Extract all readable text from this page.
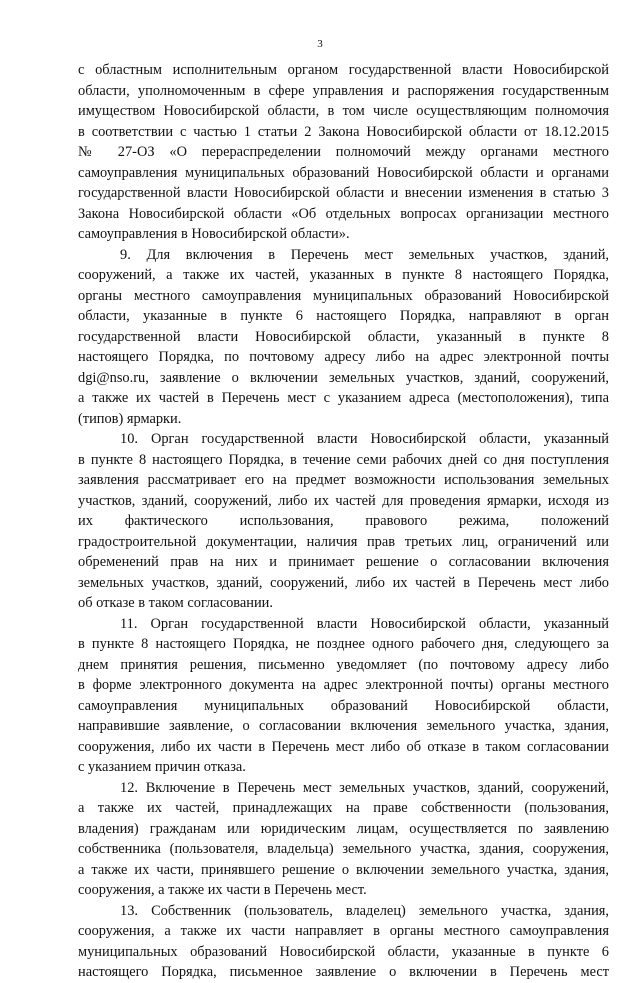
3
с областным исполнительным органом государственной власти Новосибирской
области, уполномоченным в сфере управления и распоряжения государственным
имуществом Новосибирской области, в том числе осуществляющим полномочия
в соответствии с частью 1 статьи 2 Закона Новосибирской области от 18.12.2015
№ 27-ОЗ «О перераспределении полномочий между органами местного
самоуправления муниципальных образований Новосибирской области и органами
государственной власти Новосибирской области и внесении изменения в статью 3
Закона Новосибирской области «Об отдельных вопросах организации местного
самоуправления в Новосибирской области».
9. Для включения в Перечень мест земельных участков, зданий,
сооружений, а также их частей, указанных в пункте 8 настоящего Порядка,
органы местного самоуправления муниципальных образований Новосибирской
области, указанные в пункте 6 настоящего Порядка, направляют в орган
государственной власти Новосибирской области, указанный в пункте 8
настоящего Порядка, по почтовому адресу либо на адрес электронной почты
dgi@nso.ru, заявление о включении земельных участков, зданий, сооружений,
а также их частей в Перечень мест с указанием адреса (местоположения), типа
(типов) ярмарки.
10. Орган государственной власти Новосибирской области, указанный
в пункте 8 настоящего Порядка, в течение семи рабочих дней со дня поступления
заявления рассматривает его на предмет возможности использования земельных
участков, зданий, сооружений, либо их частей для проведения ярмарки, исходя из
их фактического использования, правового режима, положений
градостроительной документации, наличия прав третьих лиц, ограничений или
обременений прав на них и принимает решение о согласовании включения
земельных участков, зданий, сооружений, либо их частей в Перечень мест либо
об отказе в таком согласовании.
11. Орган государственной власти Новосибирской области, указанный
в пункте 8 настоящего Порядка, не позднее одного рабочего дня, следующего за
днем принятия решения, письменно уведомляет (по почтовому адресу либо
в форме электронного документа на адрес электронной почты) органы местного
самоуправления муниципальных образований Новосибирской области,
направившие заявление, о согласовании включения земельного участка, здания,
сооружения, либо их части в Перечень мест либо об отказе в таком согласовании
с указанием причин отказа.
12. Включение в Перечень мест земельных участков, зданий, сооружений,
а также их частей, принадлежащих на праве собственности (пользования,
владения) гражданам или юридическим лицам, осуществляется по заявлению
собственника (пользователя, владельца) земельного участка, здания, сооружения,
а также их части, принявшего решение о включении земельного участка, здания,
сооружения, а также их части в Перечень мест.
13. Собственник (пользователь, владелец) земельного участка, здания,
сооружения, а также их части направляет в органы местного самоуправления
муниципальных образований Новосибирской области, указанные в пункте 6
настоящего Порядка, письменное заявление о включении в Перечень мест
